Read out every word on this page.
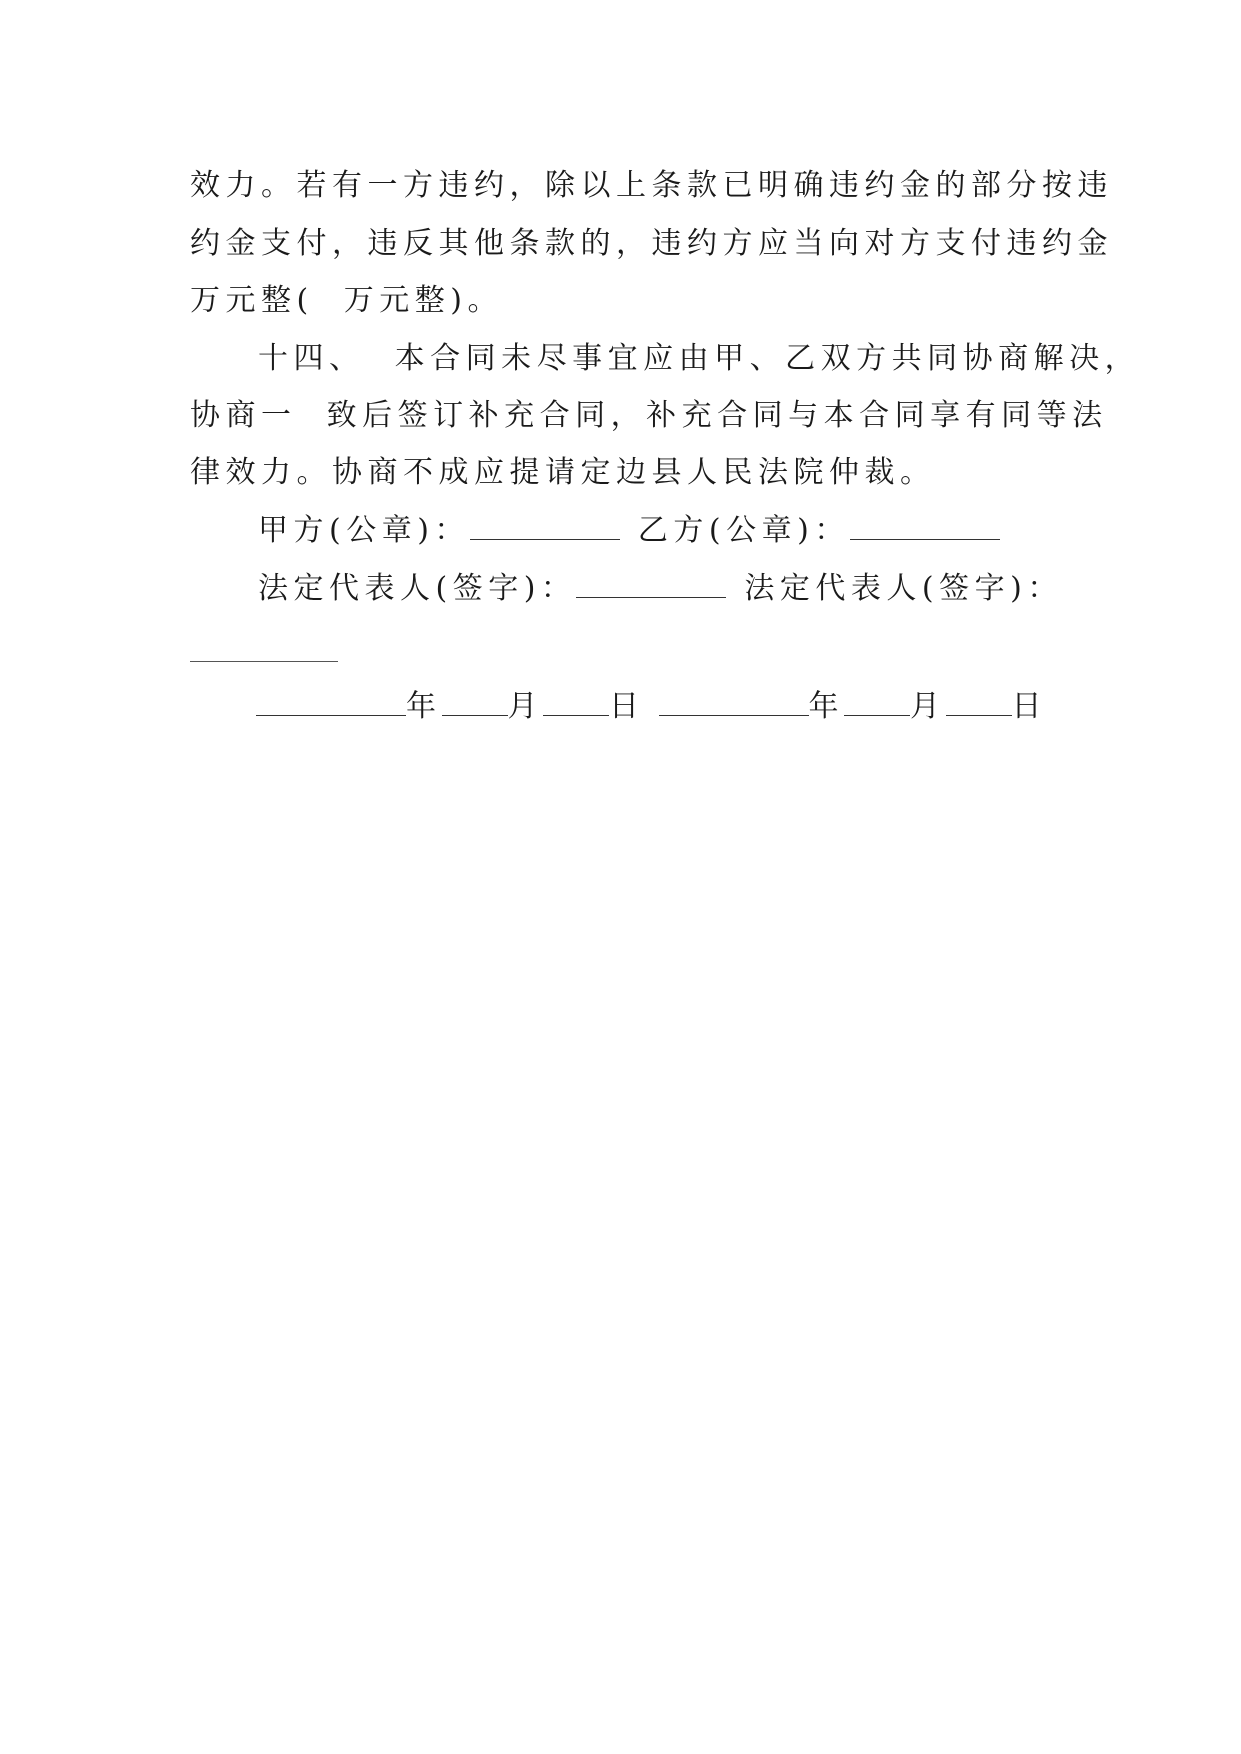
效力。若有一方违约，除以上条款已明确违约金的部分按违
约金支付，违反其他条款的，违约方应当向对方支付违约金
万元整(  万元整)。
十四、  本合同未尽事宜应由甲、乙双方共同协商解决，
协商一  致后签订补充合同，补充合同与本合同享有同等法
律效力。协商不成应提请定边县人民法院仲裁。
甲方(公章)：	乙方(公章)：
法定代表人(签字)：	法定代表人(签字)：
年 月 日	年 月 日
